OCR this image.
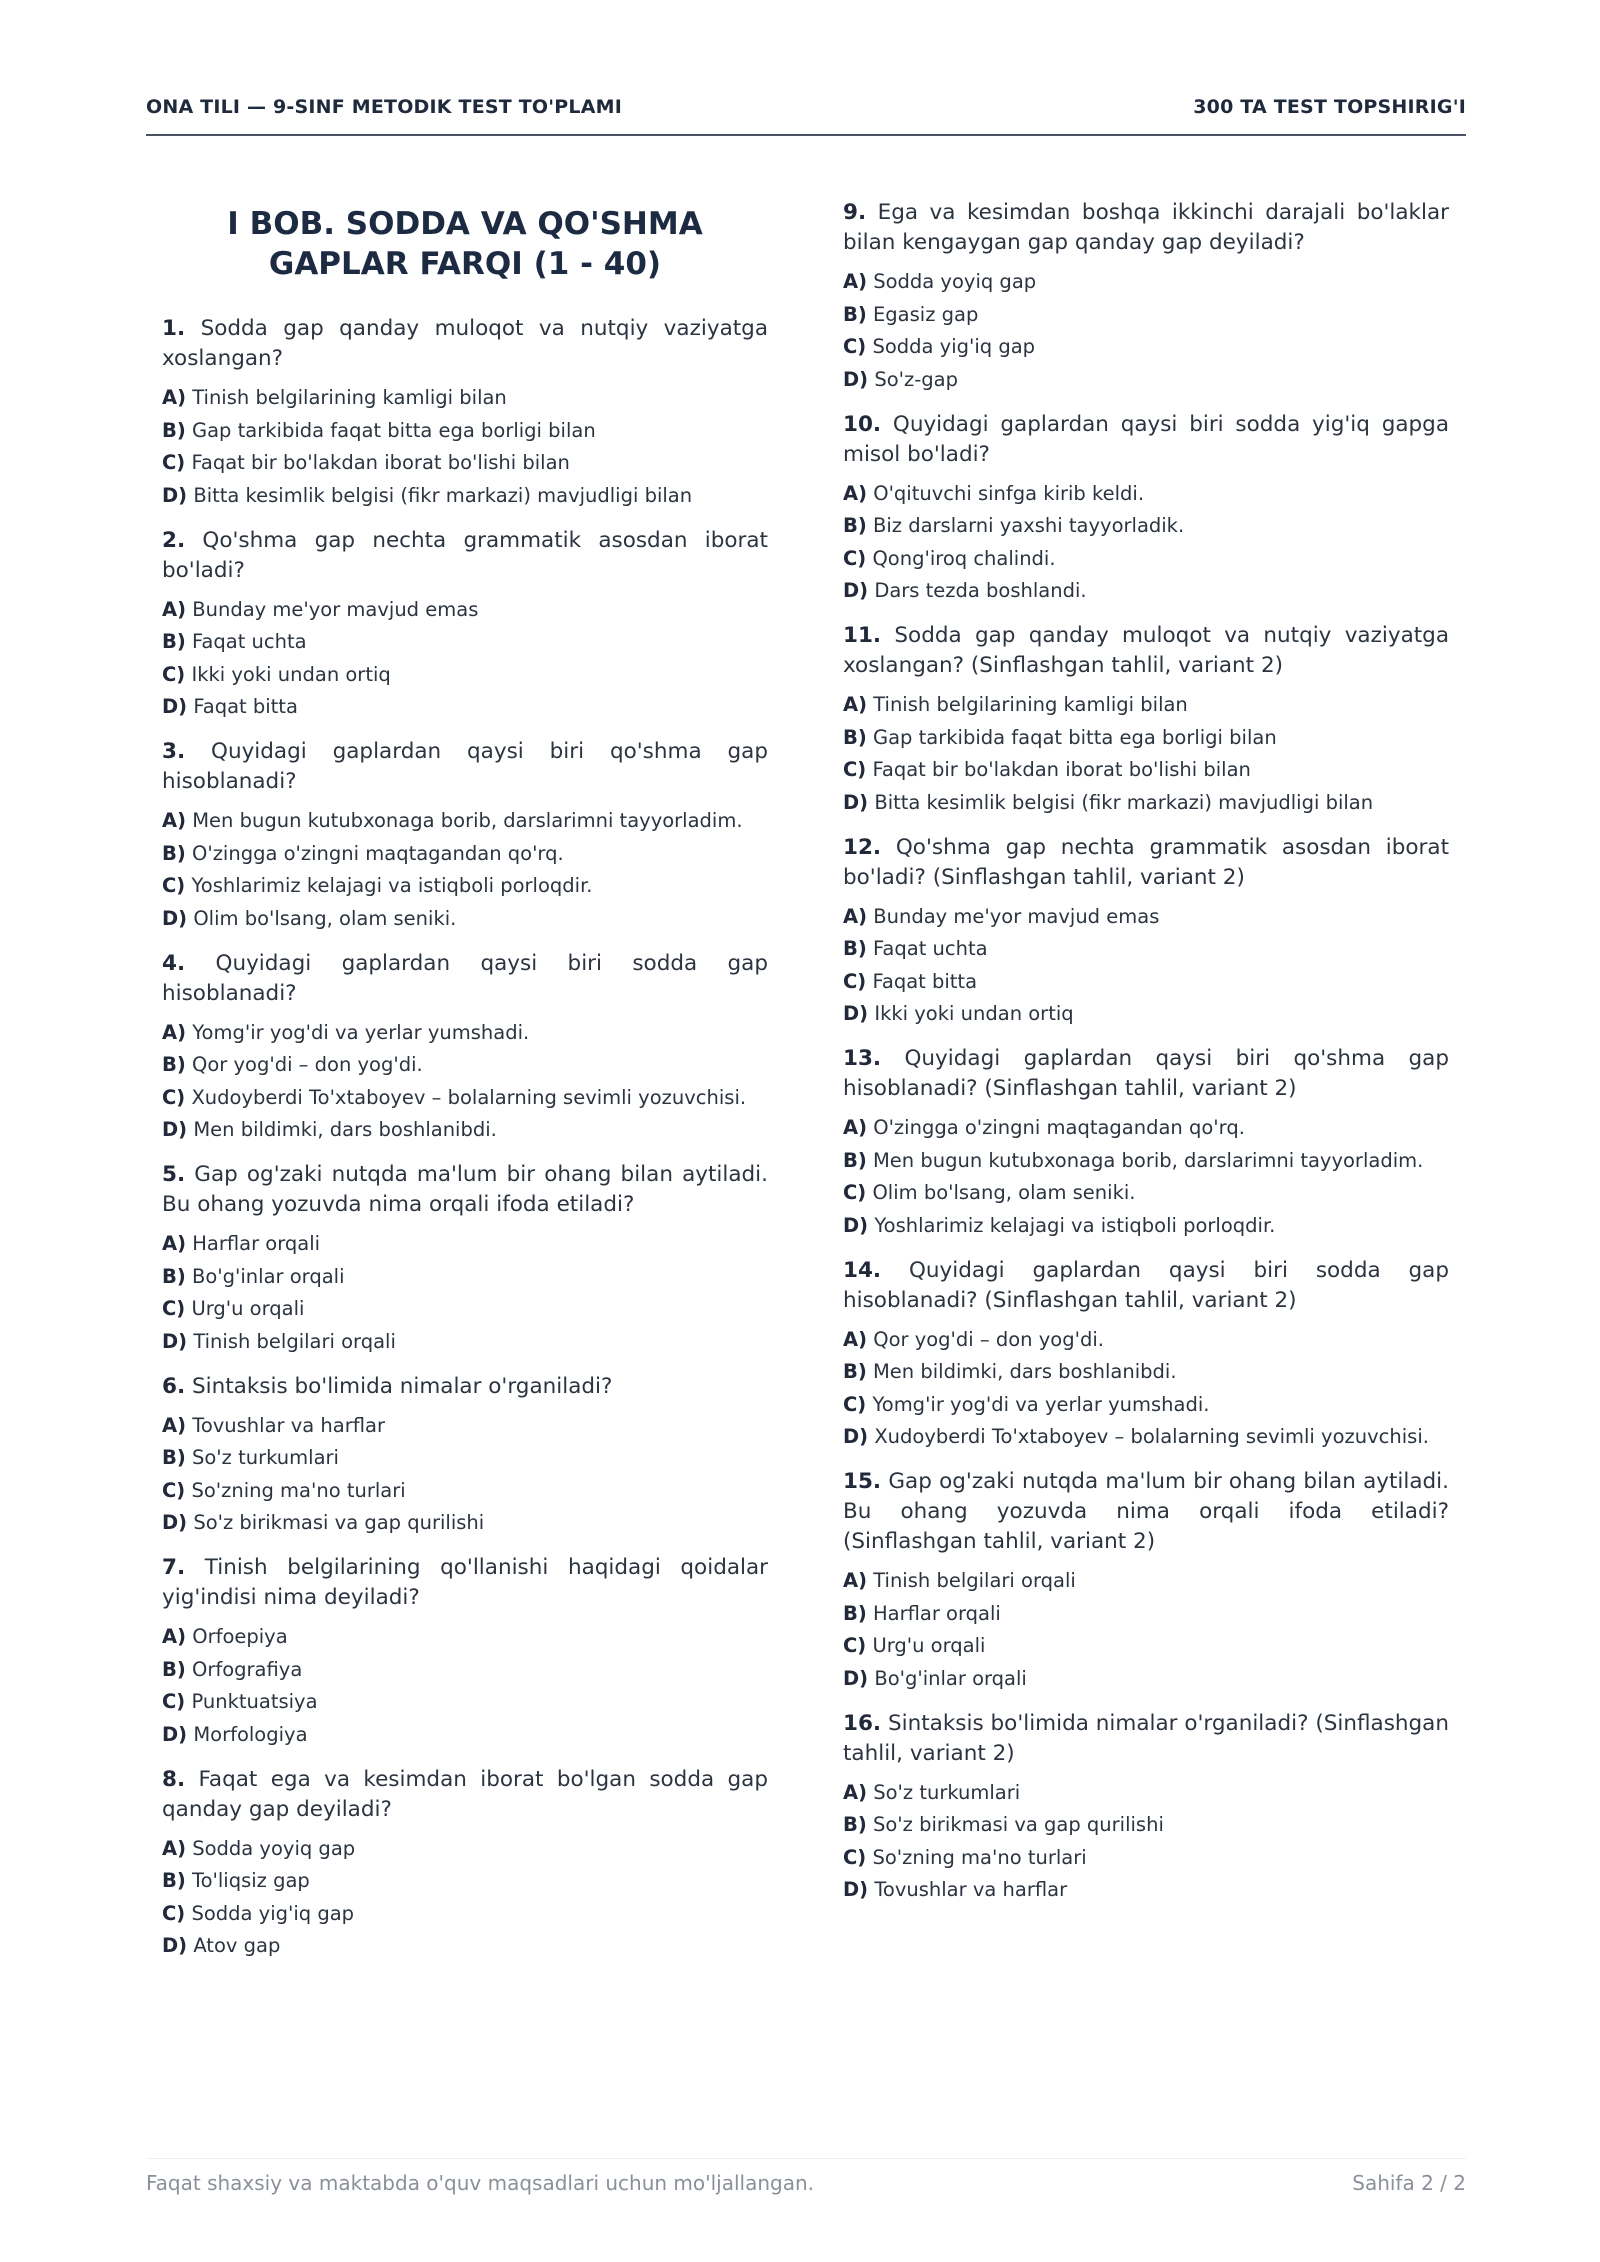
ONA TILI — 9-SINF METODIK TEST TO'PLAMI	300 TA TEST TOPSHIRIG'I
I BOB. SODDA VA QO'SHMA GAPLAR FARQI (1 - 40)
1. Sodda gap qanday muloqot va nutqiy vaziyatga xoslangan?
A) Tinish belgilarining kamligi bilan
B) Gap tarkibida faqat bitta ega borligi bilan
C) Faqat bir bo'lakdan iborat bo'lishi bilan
D) Bitta kesimlik belgisi (fikr markazi) mavjudligi bilan
2. Qo'shma gap nechta grammatik asosdan iborat bo'ladi?
A) Bunday me'yor mavjud emas
B) Faqat uchta
C) Ikki yoki undan ortiq
D) Faqat bitta
3. Quyidagi gaplardan qaysi biri qo'shma gap hisoblanadi?
A) Men bugun kutubxonaga borib, darslarimni tayyorladim.
B) O'zingga o'zingni maqtagandan qo'rq.
C) Yoshlarimiz kelajagi va istiqboli porloqdir.
D) Olim bo'lsang, olam seniki.
4. Quyidagi gaplardan qaysi biri sodda gap hisoblanadi?
A) Yomg'ir yog'di va yerlar yumshadi.
B) Qor yog'di – don yog'di.
C) Xudoyberdi To'xtaboyev – bolalarning sevimli yozuvchisi.
D) Men bildimki, dars boshlanibdi.
5. Gap og'zaki nutqda ma'lum bir ohang bilan aytiladi. Bu ohang yozuvda nima orqali ifoda etiladi?
A) Harflar orqali
B) Bo'g'inlar orqali
C) Urg'u orqali
D) Tinish belgilari orqali
6. Sintaksis bo'limida nimalar o'rganiladi?
A) Tovushlar va harflar
B) So'z turkumlari
C) So'zning ma'no turlari
D) So'z birikmasi va gap qurilishi
7. Tinish belgilarining qo'llanishi haqidagi qoidalar yig'indisi nima deyiladi?
A) Orfoepiya
B) Orfografiya
C) Punktuatsiya
D) Morfologiya
8. Faqat ega va kesimdan iborat bo'lgan sodda gap qanday gap deyiladi?
A) Sodda yoyiq gap
B) To'liqsiz gap
C) Sodda yig'iq gap
D) Atov gap
9. Ega va kesimdan boshqa ikkinchi darajali bo'laklar bilan kengaygan gap qanday gap deyiladi?
A) Sodda yoyiq gap
B) Egasiz gap
C) Sodda yig'iq gap
D) So'z-gap
10. Quyidagi gaplardan qaysi biri sodda yig'iq gapga misol bo'ladi?
A) O'qituvchi sinfga kirib keldi.
B) Biz darslarni yaxshi tayyorladik.
C) Qong'iroq chalindi.
D) Dars tezda boshlandi.
11. Sodda gap qanday muloqot va nutqiy vaziyatga xoslangan? (Sinflashgan tahlil, variant 2)
A) Tinish belgilarining kamligi bilan
B) Gap tarkibida faqat bitta ega borligi bilan
C) Faqat bir bo'lakdan iborat bo'lishi bilan
D) Bitta kesimlik belgisi (fikr markazi) mavjudligi bilan
12. Qo'shma gap nechta grammatik asosdan iborat bo'ladi? (Sinflashgan tahlil, variant 2)
A) Bunday me'yor mavjud emas
B) Faqat uchta
C) Faqat bitta
D) Ikki yoki undan ortiq
13. Quyidagi gaplardan qaysi biri qo'shma gap hisoblanadi? (Sinflashgan tahlil, variant 2)
A) O'zingga o'zingni maqtagandan qo'rq.
B) Men bugun kutubxonaga borib, darslarimni tayyorladim.
C) Olim bo'lsang, olam seniki.
D) Yoshlarimiz kelajagi va istiqboli porloqdir.
14. Quyidagi gaplardan qaysi biri sodda gap hisoblanadi? (Sinflashgan tahlil, variant 2)
A) Qor yog'di – don yog'di.
B) Men bildimki, dars boshlanibdi.
C) Yomg'ir yog'di va yerlar yumshadi.
D) Xudoyberdi To'xtaboyev – bolalarning sevimli yozuvchisi.
15. Gap og'zaki nutqda ma'lum bir ohang bilan aytiladi. Bu ohang yozuvda nima orqali ifoda etiladi? (Sinflashgan tahlil, variant 2)
A) Tinish belgilari orqali
B) Harflar orqali
C) Urg'u orqali
D) Bo'g'inlar orqali
16. Sintaksis bo'limida nimalar o'rganiladi? (Sinflashgan tahlil, variant 2)
A) So'z turkumlari
B) So'z birikmasi va gap qurilishi
C) So'zning ma'no turlari
D) Tovushlar va harflar
Faqat shaxsiy va maktabda o'quv maqsadlari uchun mo'ljallangan.	Sahifa 2 / 2
